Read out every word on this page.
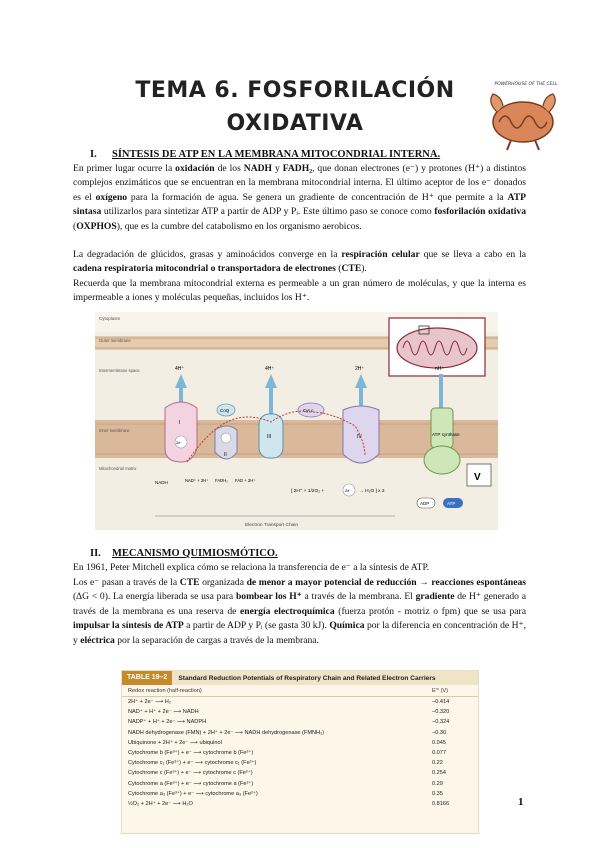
TEMA 6. FOSFORILACIÓN
OXIDATIVA
POWERHOUSE OF THE CELL
I. SÍNTESIS DE ATP EN LA MEMBRANA MITOCONDRIAL INTERNA.
En primer lugar ocurre la oxidación de los NADH y FADH₂, que donan electrones (e⁻) y protones (H⁺) a distintos complejos enzimáticos que se encuentran en la membrana mitocondrial interna. El último aceptor de los e⁻ donados es el oxígeno para la formación de agua. Se genera un gradiente de concentración de H⁺ que permite a la ATP sintasa utilizarlos para sintetizar ATP a partir de ADP y Pᵢ. Este último paso se conoce como fosforilación oxidativa (OXPHOS), que es la cumbre del catabolismo en los organismo aerobicos.
La degradación de glúcidos, grasas y aminoácidos converge en la respiración celular que se lleva a cabo en la cadena respiratoria mitocondrial o transportadora de electrones (CTE).
Recuerda que la membrana mitocondrial externa es permeable a un gran número de moléculas, y que la interna es impermeable a iones y moléculas pequeñas, incluidos los H⁺.
Cytoplasm
Outer membrane
Intermembrane space
Inner membrane
Mitochondrial matrix
4H⁺	4H⁺	2H⁺	nH⁺
I
2e⁻
CoQ
II
III
Cyt c
IV	ATP synthase
V
NADH	NAD⁺ + 2H⁺ FADH₂ FAD + 2H⁺
[ 2H⁺ + 1/2O₂ +	2e⁻ → H₂O ] x 2
ADP	ATP
Electron Transport Chain
II. MECANISMO QUIMIOSMÓTICO.
En 1961, Peter Mitchell explica cómo se relaciona la transferencia de e⁻ a la síntesis de ATP.
Los e⁻ pasan a través de la CTE organizada de menor a mayor potencial de reducción → reacciones espontáneas (∆G < 0). La energía liberada se usa para bombear los H⁺ a través de la membrana. El gradiente de H⁺ generado a través de la membrana es una reserva de energía electroquímica (fuerza protón - motriz o fpm) que se usa para impulsar la síntesis de ATP a partir de ADP y Pᵢ (se gasta 30 kJ). Química por la diferencia en concentración de H⁺, y eléctrica por la separación de cargas a través de la membrana.
TABLE 19–2	Standard Reduction Potentials of Respiratory Chain and Related Electron Carriers
Redox reaction (half-reaction)	E′° (V)
2H⁺ + 2e⁻ ⟶ H₂	−0.414
NAD⁺ + H⁺ + 2e⁻ ⟶ NADH	−0.320
NADP⁺ + H⁺ + 2e⁻ ⟶ NADPH	−0.324
NADH dehydrogenase (FMN) + 2H⁺ + 2e⁻ ⟶ NADH dehydrogenase (FMNH₂)	−0.30
Ubiquinone + 2H⁺ + 2e⁻ ⟶ ubiquinol	0.045
Cytochrome b (Fe³⁺) + e⁻ ⟶ cytochrome b (Fe²⁺)	0.077
Cytochrome c₁ (Fe³⁺) + e⁻ ⟶ cytochrome c₁ (Fe²⁺)	0.22
Cytochrome c (Fe³⁺) + e⁻ ⟶ cytochrome c (Fe²⁺)	0.254
Cytochrome a (Fe³⁺) + e⁻ ⟶ cytochrome a (Fe²⁺)	0.29
Cytochrome a₃ (Fe³⁺) + e⁻ ⟶ cytochrome a₃ (Fe²⁺)	0.35
½O₂ + 2H⁺ + 2e⁻ ⟶ H₂O	0.8166	1
